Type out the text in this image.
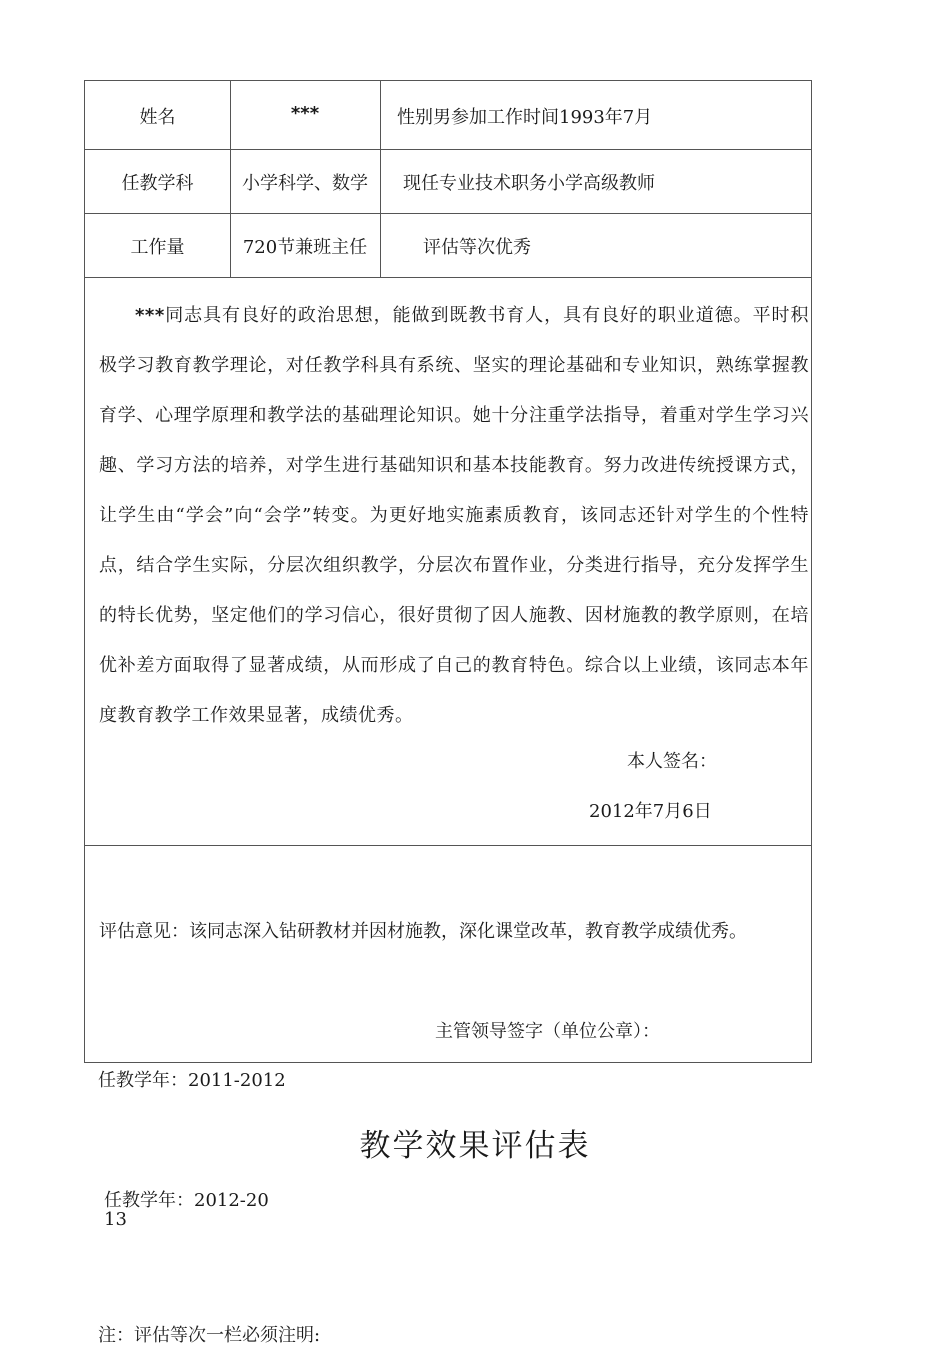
姓名	***	性别男参加工作时间1993年7月
任教学科	小学科学、数学	现任专业技术职务小学高级教师
工作量	720节兼班主任	评估等次优秀
***同志具有良好的政治思想，能做到既教书育人，具有良好的职业道德。平时积极学习教育教学理论，对任教学科具有系统、坚实的理论基础和专业知识，熟练掌握教育学、心理学原理和教学法的基础理论知识。她十分注重学法指导，着重对学生学习兴趣、学习方法的培养，对学生进行基础知识和基本技能教育。努力改进传统授课方式，让学生由“学会”向“会学”转变。为更好地实施素质教育，该同志还针对学生的个性特点，结合学生实际，分层次组织教学，分层次布置作业，分类进行指导，充分发挥学生的特长优势，坚定他们的学习信心，很好贯彻了因人施教、因材施教的教学原则，在培优补差方面取得了显著成绩，从而形成了自己的教育特色。综合以上业绩，该同志本年度教育教学工作效果显著，成绩优秀。
本人签名：
2012年7月6日
评估意见：该同志深入钻研教材并因材施教，深化课堂改革，教育教学成绩优秀。
主管领导签字（单位公章）：
任教学年：2011-2012
教学效果评估表
任教学年：2012-20
13
注：评估等次一栏必须注明:
